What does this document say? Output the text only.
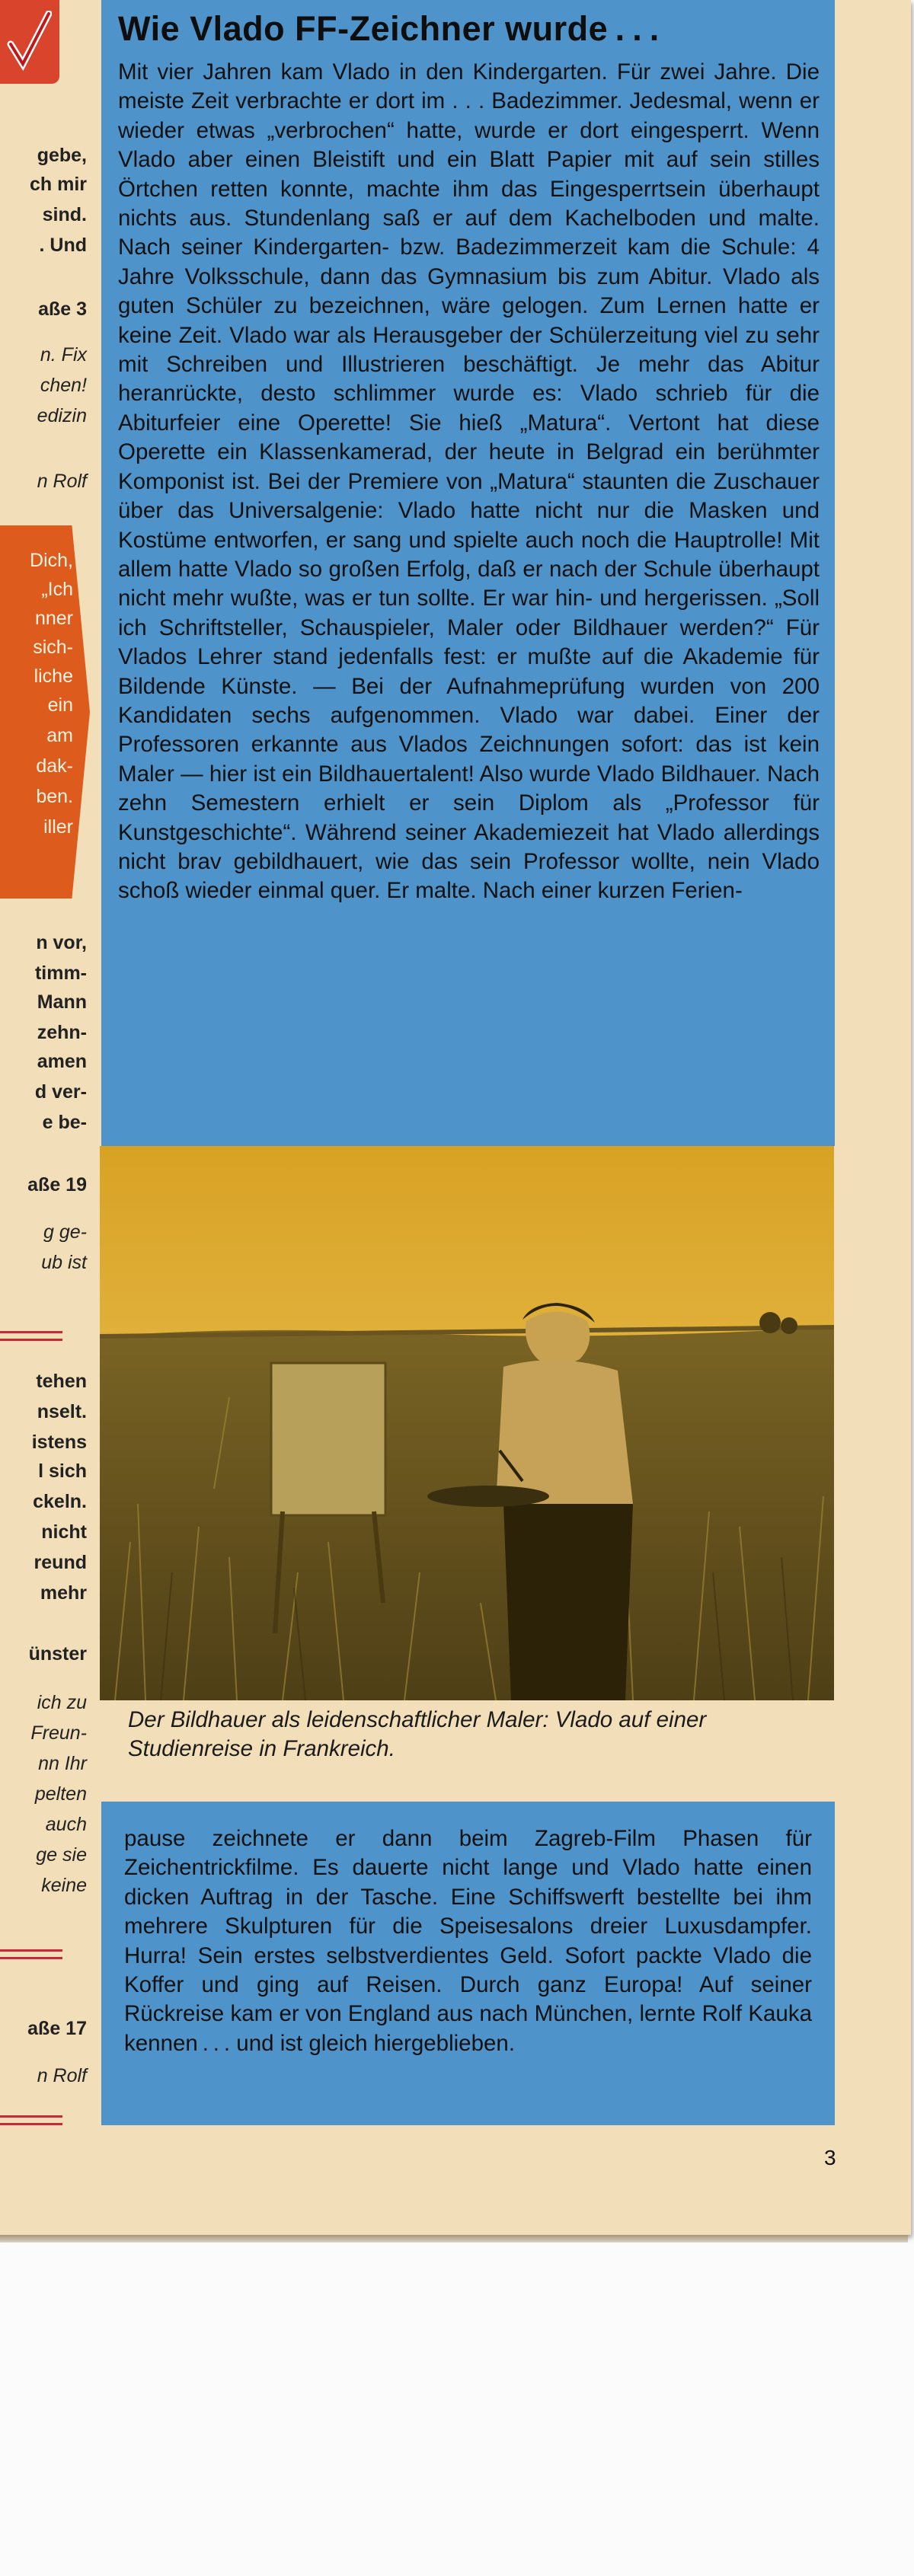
gebe,
ch mir
sind.
. Und
aße 3
n. Fix
chen!
edizin
n Rolf
Dich,
„Ich
nner
sich-
liche
ein
am
dak-
ben.
iller
n vor,
timm-
Mann
zehn-
amen
d ver-
e be-
aße 19
g ge-
ub ist
tehen
nselt.
istens
l sich
ckeln.
nicht
reund
mehr
ünster
ich zu
Freun-
nn Ihr
pelten
auch
ge sie
keine
aße 17
n Rolf
Wie Vlado FF-Zeichner wurde . . .
Mit vier Jahren kam Vlado in den Kindergarten. Für zwei Jahre. Die meiste Zeit verbrachte er dort im . . . Badezimmer. Jedesmal, wenn er wieder etwas „verbrochen“ hatte, wurde er dort eingesperrt. Wenn Vlado aber einen Bleistift und ein Blatt Papier mit auf sein stilles Örtchen retten konnte, machte ihm das Eingesperrtsein überhaupt nichts aus. Stundenlang saß er auf dem Kachelboden und malte. Nach seiner Kindergarten- bzw. Badezimmerzeit kam die Schule: 4 Jahre Volksschule, dann das Gymnasium bis zum Abitur. Vlado als guten Schüler zu bezeichnen, wäre gelogen. Zum Lernen hatte er keine Zeit. Vlado war als Herausgeber der Schülerzeitung viel zu sehr mit Schreiben und Illustrieren beschäftigt. Je mehr das Abitur heranrückte, desto schlimmer wurde es: Vlado schrieb für die Abiturfeier eine Operette! Sie hieß „Matura“. Vertont hat diese Operette ein Klassenkamerad, der heute in Belgrad ein berühmter Komponist ist. Bei der Premiere von „Matura“ staunten die Zuschauer über das Universalgenie: Vlado hatte nicht nur die Masken und Kostüme entworfen, er sang und spielte auch noch die Hauptrolle! Mit allem hatte Vlado so großen Erfolg, daß er nach der Schule überhaupt nicht mehr wußte, was er tun sollte. Er war hin- und hergerissen. „Soll ich Schriftsteller, Schauspieler, Maler oder Bildhauer werden?“ Für Vlados Lehrer stand jedenfalls fest: er mußte auf die Akademie für Bildende Künste. — Bei der Aufnahmeprüfung wurden von 200 Kandidaten sechs aufgenommen. Vlado war dabei. Einer der Professoren erkannte aus Vlados Zeichnungen sofort: das ist kein Maler — hier ist ein Bildhauertalent! Also wurde Vlado Bildhauer. Nach zehn Semestern erhielt er sein Diplom als „Professor für Kunstgeschichte“. Während seiner Akademiezeit hat Vlado allerdings nicht brav gebildhauert, wie das sein Professor wollte, nein Vlado schoß wieder einmal quer. Er malte. Nach einer kurzen Ferien-
Der Bildhauer als leidenschaftlicher Maler: Vlado auf einer Studienreise in Frankreich.
pause zeichnete er dann beim Zagreb-Film Phasen für Zeichentrickfilme. Es dauerte nicht lange und Vlado hatte einen dicken Auftrag in der Tasche. Eine Schiffswerft bestellte bei ihm mehrere Skulpturen für die Speisesalons dreier Luxusdampfer. Hurra! Sein erstes selbstverdientes Geld. Sofort packte Vlado die Koffer und ging auf Reisen. Durch ganz Europa! Auf seiner Rückreise kam er von England aus nach München, lernte Rolf Kauka kennen . . . und ist gleich hiergeblieben.
3
